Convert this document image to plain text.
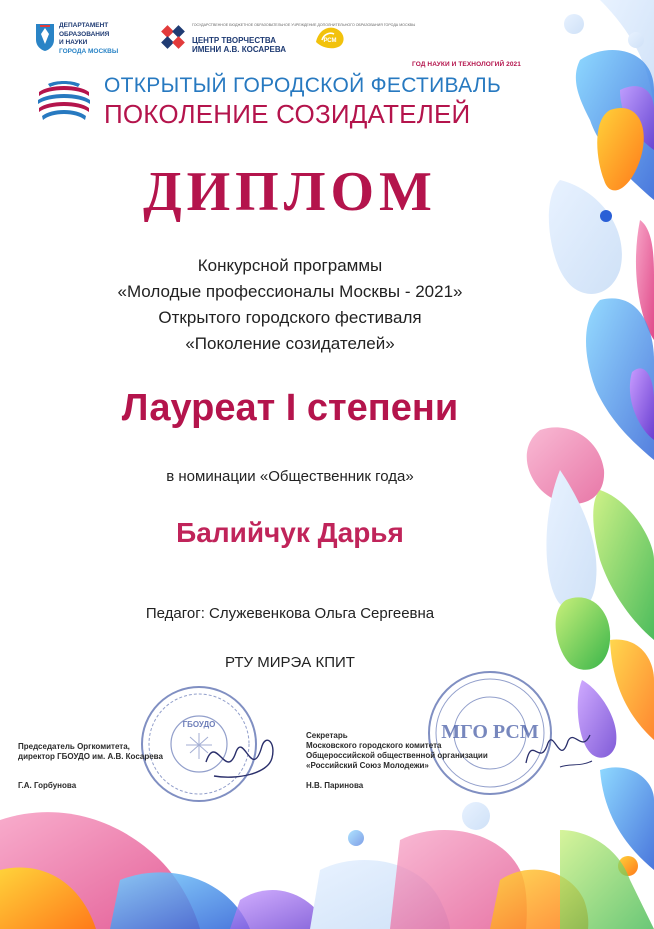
ДЕПАРТАМЕНТ
ОБРАЗОВАНИЯ
И НАУКИ
ГОРОДА МОСКВЫ
ГОСУДАРСТВЕННОЕ БЮДЖЕТНОЕ ОБРАЗОВАТЕЛЬНОЕ УЧРЕЖДЕНИЕ ДОПОЛНИТЕЛЬНОГО ОБРАЗОВАНИЯ ГОРОДА МОСКВЫ
ЦЕНТР ТВОРЧЕСТВА
ИМЕНИ А.В. КОСАРЕВА
РСМ
ГОД НАУКИ И ТЕХНОЛОГИЙ 2021
ОТКРЫТЫЙ ГОРОДСКОЙ ФЕСТИВАЛЬ
ПОКОЛЕНИЕ СОЗИДАТЕЛЕЙ
ДИПЛОМ
Конкурсной программы
«Молодые профессионалы Москвы - 2021»
Открытого городского фестиваля
«Поколение созидателей»
Лауреат I степени
в номинации «Общественник года»
Балийчук Дарья
Педагог: Служевенкова Ольга Сергеевна
РТУ МИРЭА КПИТ
ГБОУДО	МГО РСМ
Председатель Оргкомитета,
директор ГБОУДО им. А.В. Косарева
Г.А. Горбунова
Секретарь
Московского городского комитета
Общероссийской общественной организации
«Российский Союз Молодежи»
Н.В. Паринова
